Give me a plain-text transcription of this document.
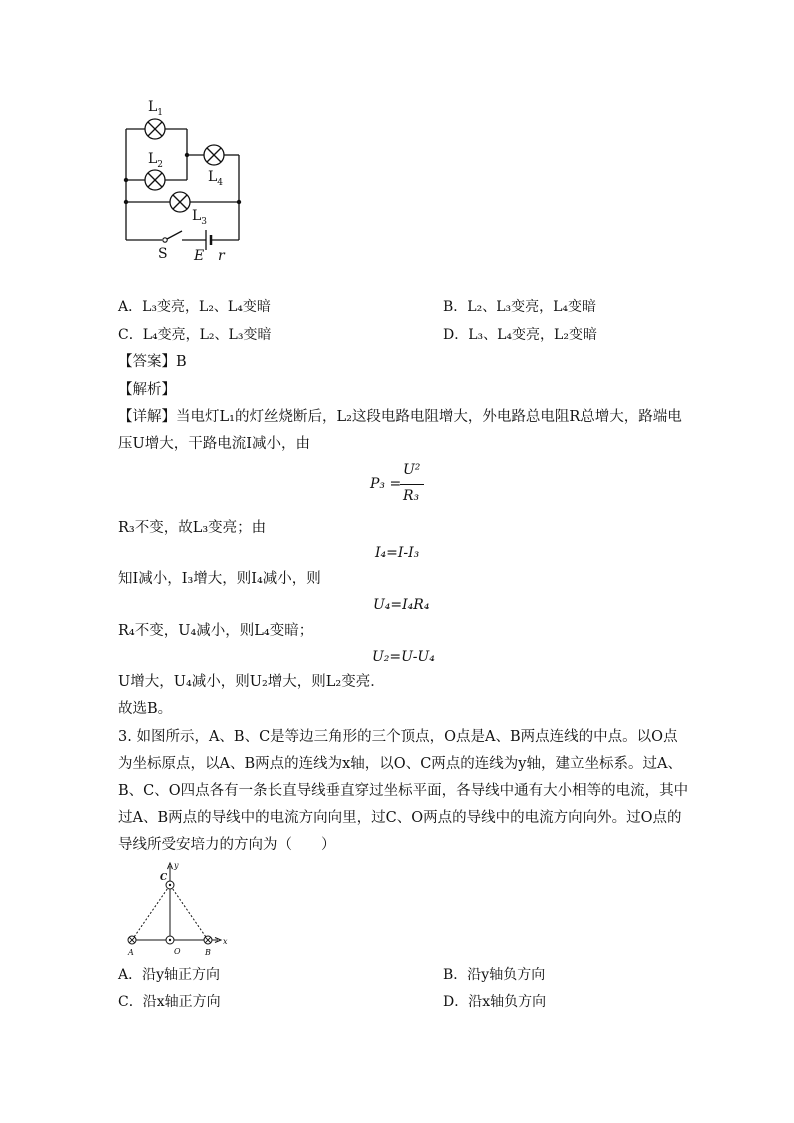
$L_1$
$L_2$
$L_4$
$L_3$
S E r
A．L₃变亮，L₂、L₄变暗	B．L₂、L₃变亮，L₄变暗
C．L₄变亮，L₂、L₃变暗	D．L₃、L₄变亮，L₂变暗
【答案】B
【解析】
【详解】当电灯L₁的灯丝烧断后，L₂这段电路电阻增大，外电路总电阻R总增大，路端电
压U增大，干路电流I减小，由
P₃ =
U²
R₃
R₃不变，故L₃变亮；由
I₄=I-I₃
知I减小，I₃增大，则I₄减小，则
U₄=I₄R₄
R₄不变，U₄减小，则L₄变暗；
U₂=U-U₄
U增大，U₄减小，则U₂增大，则L₂变亮．
故选B。
3. 如图所示，A、B、C是等边三角形的三个顶点，O点是A、B两点连线的中点。以O点
为坐标原点，以A、B两点的连线为x轴，以O、C两点的连线为y轴，建立坐标系。过A、
B、C、O四点各有一条长直导线垂直穿过坐标平面，各导线中通有大小相等的电流，其中
过A、B两点的导线中的电流方向向里，过C、O两点的导线中的电流方向向外。过O点的
导线所受安培力的方向为（　　）
C
y
A	O	B
x
A．沿y轴正方向	B．沿y轴负方向
C．沿x轴正方向	D．沿x轴负方向
